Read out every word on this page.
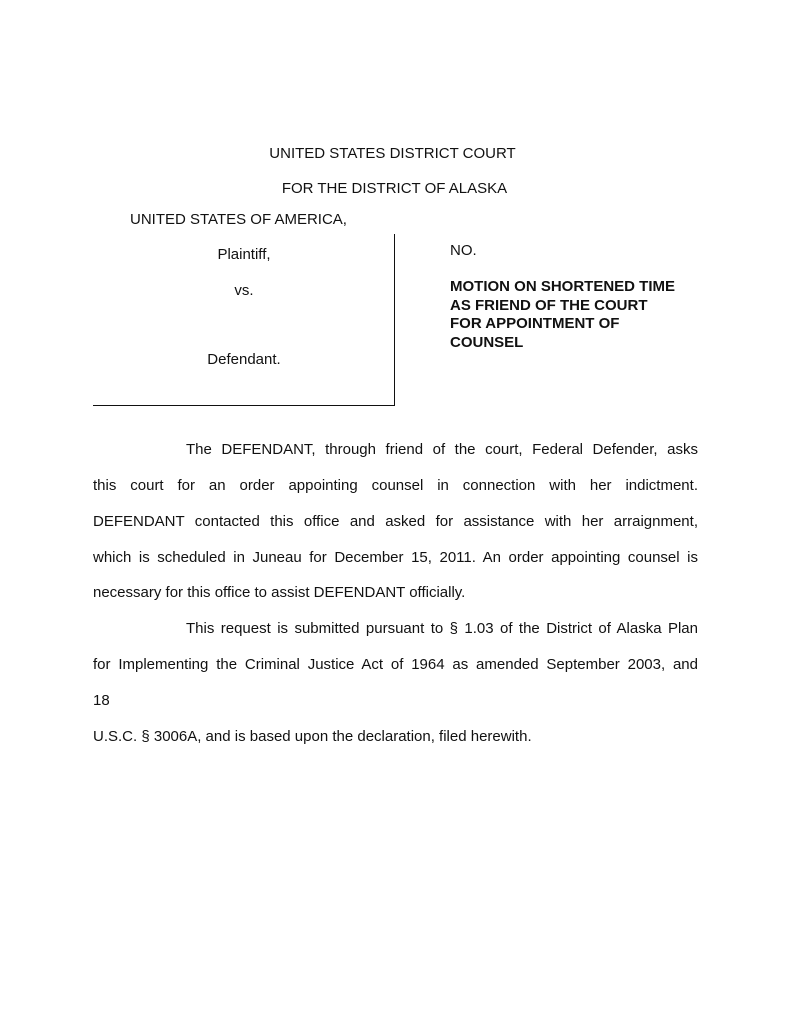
UNITED STATES DISTRICT COURT
FOR THE DISTRICT OF ALASKA
UNITED STATES OF AMERICA,
Plaintiff,
vs.
Defendant.
NO.
MOTION ON SHORTENED TIME
AS FRIEND OF THE COURT
FOR APPOINTMENT OF
COUNSEL
The DEFENDANT, through friend of the court, Federal Defender, asks
this court for an order appointing counsel in connection with her indictment.
DEFENDANT contacted this office and asked for assistance with her arraignment,
which is scheduled in Juneau for December 15, 2011. An order appointing counsel is
necessary for this office to assist DEFENDANT officially.
This request is submitted pursuant to § 1.03 of the District of Alaska Plan
for Implementing the Criminal Justice Act of 1964 as amended September 2003, and
18
U.S.C. § 3006A, and is based upon the declaration, filed herewith.
